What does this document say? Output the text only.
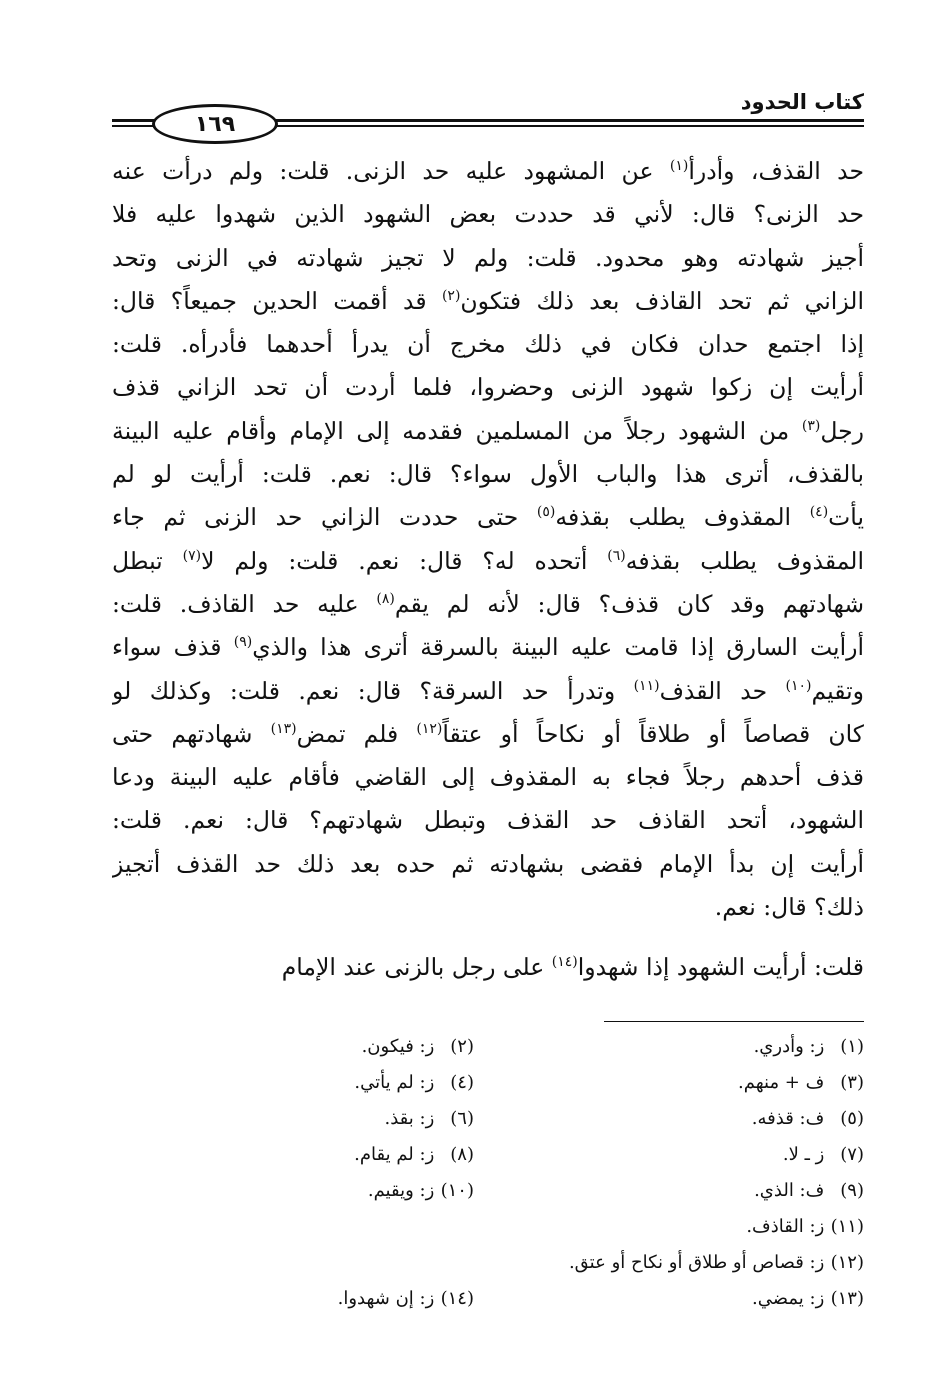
كتاب الحدود
١٦٩
حد القذف، وأدرأ$^{(١)}$ عن المشهود عليه حد الزنى. قلت: ولم درأت عنه
حد الزنى؟ قال: لأني قد حددت بعض الشهود الذين شهدوا عليه فلا
أجيز شهادته وهو محدود. قلت: ولم لا تجيز شهادته في الزنى وتحد
الزاني ثم تحد القاذف بعد ذلك فتكون$^{(٢)}$ قد أقمت الحدين جميعاً؟ قال:
إذا اجتمع حدان فكان في ذلك مخرج أن يدرأ أحدهما فأدرأه. قلت:
أرأيت إن زكوا شهود الزنى وحضروا، فلما أردت أن تحد الزاني قذف
رجل$^{(٣)}$ من الشهود رجلاً من المسلمين فقدمه إلى الإمام وأقام عليه البينة
بالقذف، أترى هذا والباب الأول سواء؟ قال: نعم. قلت: أرأيت لو لم
يأت$^{(٤)}$ المقذوف يطلب بقذفه$^{(٥)}$ حتى حددت الزاني حد الزنى ثم جاء
المقذوف يطلب بقذفه$^{(٦)}$ أتحده له؟ قال: نعم. قلت: ولم لا$^{(٧)}$ تبطل
شهادتهم وقد كان قذف؟ قال: لأنه لم يقم$^{(٨)}$ عليه حد القاذف. قلت:
أرأيت السارق إذا قامت عليه البينة بالسرقة أترى هذا والذي$^{(٩)}$ قذف سواء
وتقيم$^{(١٠)}$ حد القذف$^{(١١)}$ وتدرأ حد السرقة؟ قال: نعم. قلت: وكذلك لو
كان قصاصاً أو طلاقاً أو نكاحاً أو عتقاً$^{(١٢)}$ فلم تمض$^{(١٣)}$ شهادتهم حتى
قذف أحدهم رجلاً فجاء به المقذوف إلى القاضي فأقام عليه البينة ودعا
الشهود، أتحد القاذف حد القذف وتبطل شهادتهم؟ قال: نعم. قلت:
أرأيت إن بدأ الإمام فقضى بشهادته ثم حده بعد ذلك حد القذف أتجيز
ذلك؟ قال: نعم.
قلت: أرأيت الشهود إذا شهدوا$^{(١٤)}$ على رجل بالزنى عند الإمام
(١) ز: وأدري.
(٢) ز: فيكون.
(٣) ف + منهم.
(٤) ز: لم يأتي.
(٥) ف: قذفه.
(٦) ز: بقذ.
(٧) ز ـ لا.
(٨) ز: لم يقام.
(٩) ف: الذي.
(١٠) ز: ويقيم.
(١١) ز: القاذف.
(١٢) ز: قصاص أو طلاق أو نكاح أو عتق.
(١٣) ز: يمضي.
(١٤) ز: إن شهدوا.
